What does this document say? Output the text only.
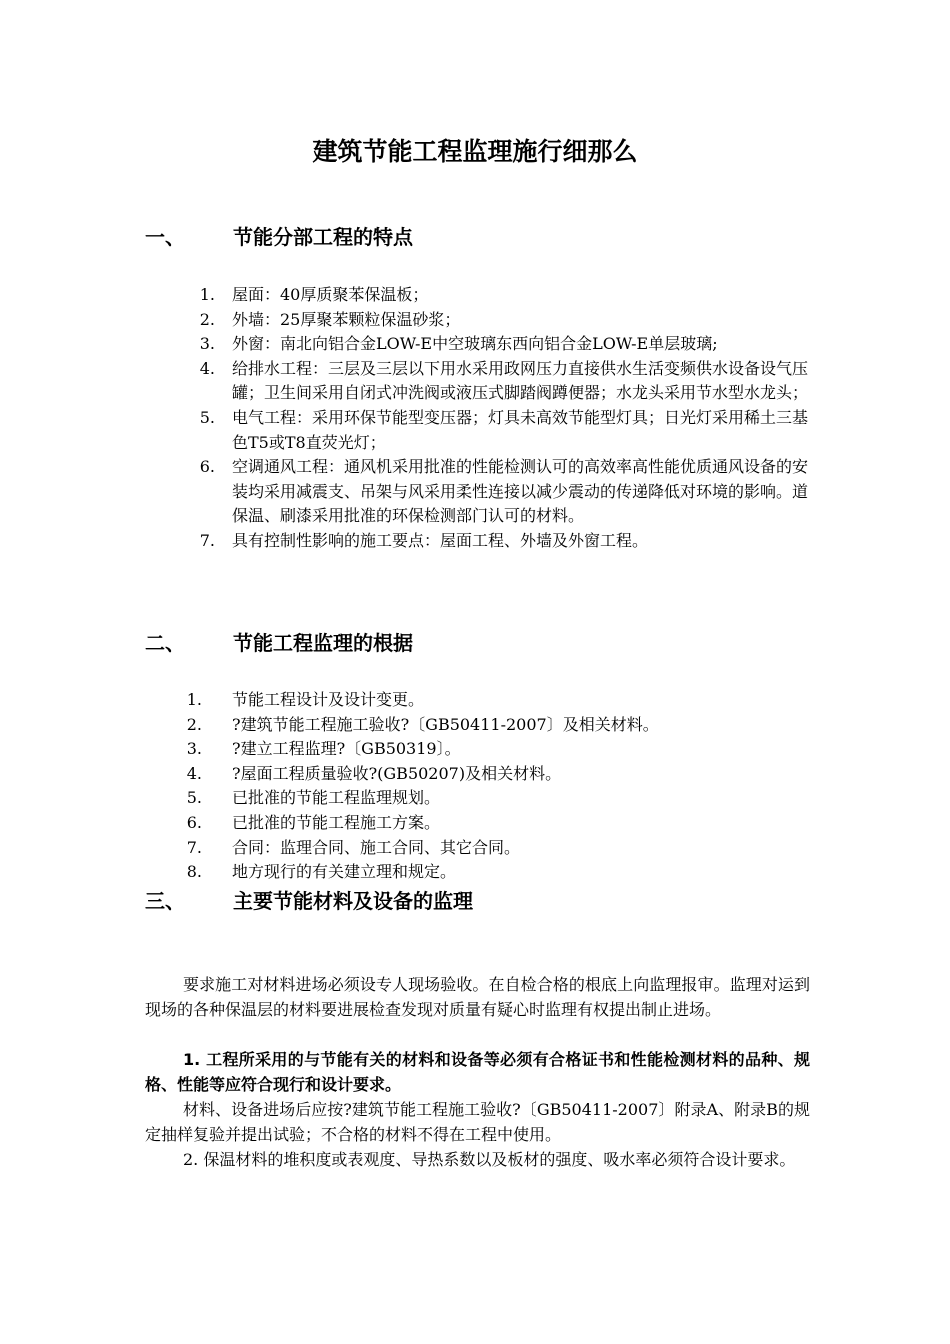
建筑节能工程监理施行细那么
一、 节能分部工程的特点
1. 屋面：40厚质聚苯保温板；
2. 外墙：25厚聚苯颗粒保温砂浆；
3. 外窗：南北向铝合金LOW-E中空玻璃东西向铝合金LOW-E单层玻璃;
4. 给排水工程：三层及三层以下用水采用政网压力直接供水生活变频供水设备设气压罐；卫生间采用自闭式冲洗阀或液压式脚踏阀蹲便器；水龙头采用节水型水龙头；
5. 电气工程：采用环保节能型变压器；灯具未高效节能型灯具；日光灯采用稀土三基色T5或T8直荧光灯；
6. 空调通风工程：通风机采用批准的性能检测认可的高效率高性能优质通风设备的安装均采用减震支、吊架与风采用柔性连接以减少震动的传递降低对环境的影响。道保温、刷漆采用批准的环保检测部门认可的材料。
7. 具有控制性影响的施工要点：屋面工程、外墙及外窗工程。
二、 节能工程监理的根据
1. 节能工程设计及设计变更。
2. ?建筑节能工程施工验收?〔GB50411-2007〕及相关材料。
3. ?建立工程监理?〔GB50319〕。
4. ?屋面工程质量验收?(GB50207)及相关材料。
5. 已批准的节能工程监理规划。
6. 已批准的节能工程施工方案。
7. 合同：监理合同、施工合同、其它合同。
8. 地方现行的有关建立理和规定。
三、 主要节能材料及设备的监理
要求施工对材料进场必须设专人现场验收。在自检合格的根底上向监理报审。监理对运到现场的各种保温层的材料要进展检查发现对质量有疑心时监理有权提出制止进场。
1. 工程所采用的与节能有关的材料和设备等必须有合格证书和性能检测材料的品种、规格、性能等应符合现行和设计要求。
材料、设备进场后应按?建筑节能工程施工验收?〔GB50411-2007〕附录A、附录B的规定抽样复验并提出试验；不合格的材料不得在工程中使用。
2. 保温材料的堆积度或表观度、导热系数以及板材的强度、吸水率必须符合设计要求。
